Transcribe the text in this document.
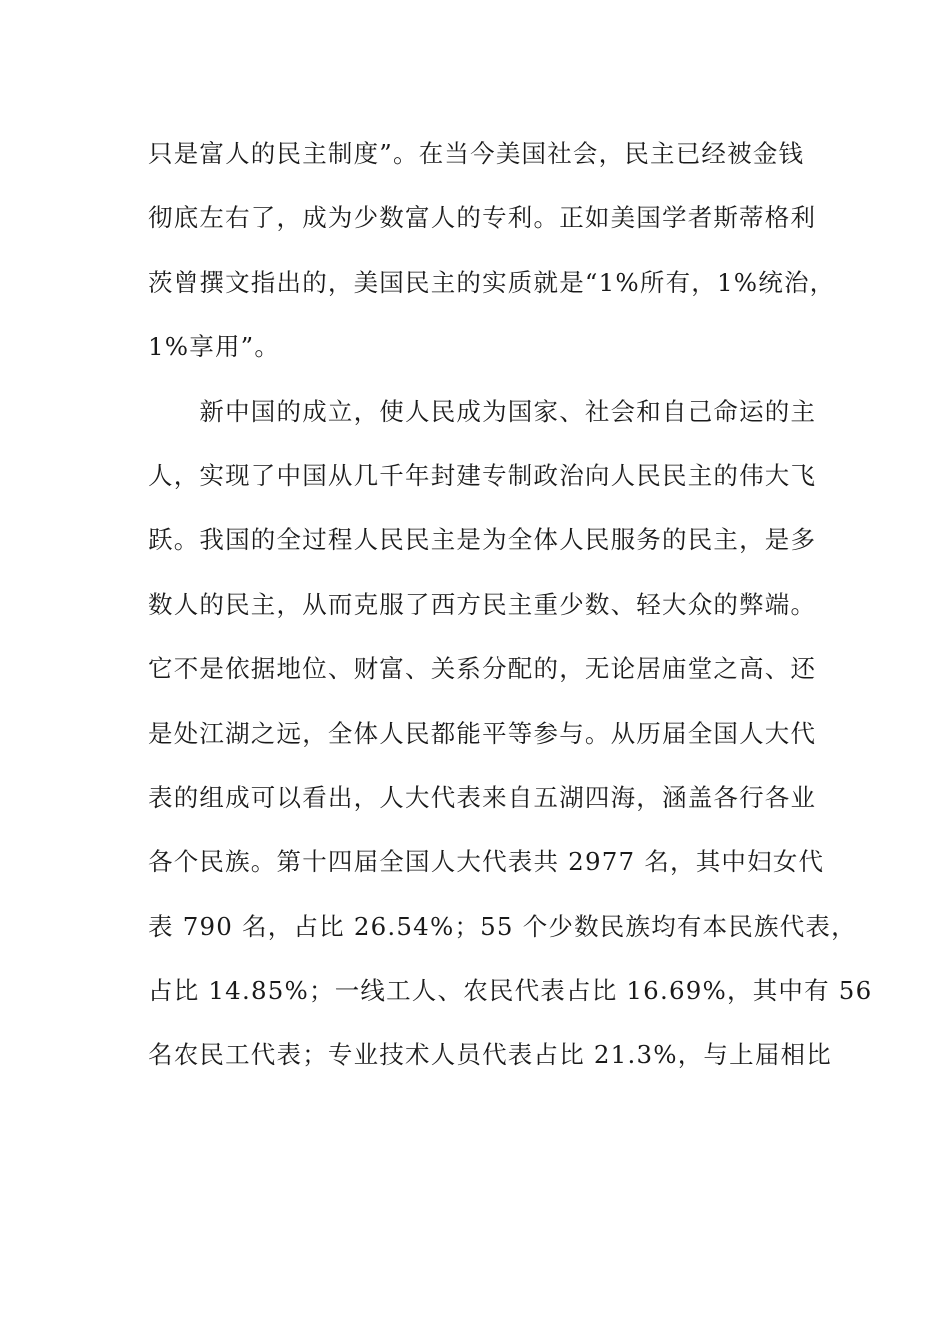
只是富人的民主制度”。在当今美国社会，民主已经被金钱
彻底左右了，成为少数富人的专利。正如美国学者斯蒂格利
茨曾撰文指出的，美国民主的实质就是“1%所有，1%统治，
1%享用”。
　　新中国的成立，使人民成为国家、社会和自己命运的主
人，实现了中国从几千年封建专制政治向人民民主的伟大飞
跃。我国的全过程人民民主是为全体人民服务的民主，是多
数人的民主，从而克服了西方民主重少数、轻大众的弊端。
它不是依据地位、财富、关系分配的，无论居庙堂之高、还
是处江湖之远，全体人民都能平等参与。从历届全国人大代
表的组成可以看出，人大代表来自五湖四海，涵盖各行各业
各个民族。第十四届全国人大代表共 2977 名，其中妇女代
表 790 名，占比 26.54%；55 个少数民族均有本民族代表，
占比 14.85%；一线工人、农民代表占比 16.69%，其中有 56
名农民工代表；专业技术人员代表占比 21.3%，与上届相比
